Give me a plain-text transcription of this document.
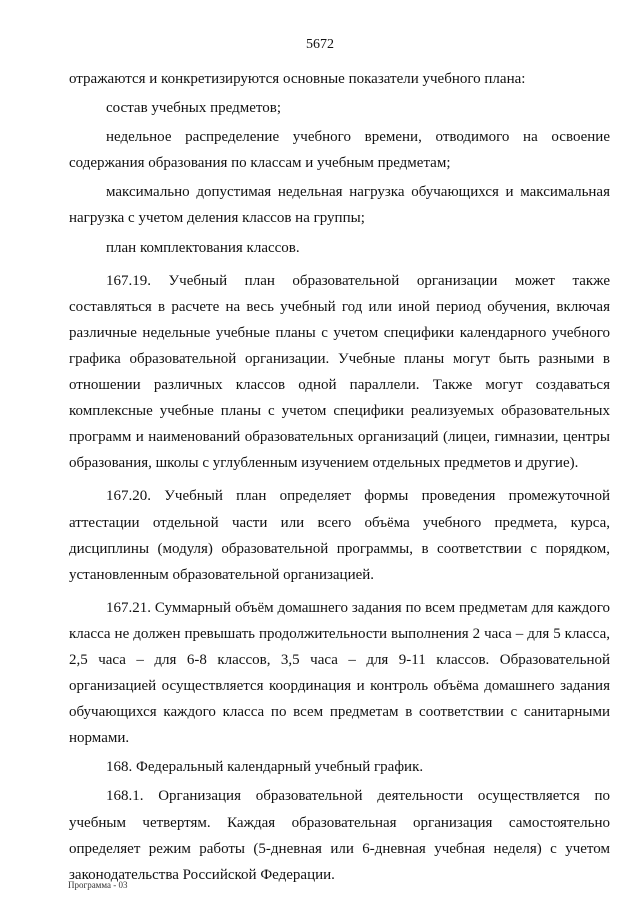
5672

отражаются и конкретизируются основные показатели учебного плана:

состав учебных предметов;

недельное распределение учебного времени, отводимого на освоение содержания образования по классам и учебным предметам;

максимально допустимая недельная нагрузка обучающихся и максимальная нагрузка с учетом деления классов на группы;

план комплектования классов.

167.19. Учебный план образовательной организации может также составляться в расчете на весь учебный год или иной период обучения, включая различные недельные учебные планы с учетом специфики календарного учебного графика образовательной организации. Учебные планы могут быть разными в отношении различных классов одной параллели. Также могут создаваться комплексные учебные планы с учетом специфики реализуемых образовательных программ и наименований образовательных организаций (лицеи, гимназии, центры образования, школы с углубленным изучением отдельных предметов и другие).

167.20. Учебный план определяет формы проведения промежуточной аттестации отдельной части или всего объёма учебного предмета, курса, дисциплины (модуля) образовательной программы, в соответствии с порядком, установленным образовательной организацией.

167.21. Суммарный объём домашнего задания по всем предметам для каждого класса не должен превышать продолжительности выполнения 2 часа – для 5 класса, 2,5 часа – для 6-8 классов, 3,5 часа – для 9-11 классов. Образовательной организацией осуществляется координация и контроль объёма домашнего задания обучающихся каждого класса по всем предметам в соответствии с санитарными нормами.

168. Федеральный календарный учебный график.

168.1. Организация образовательной деятельности осуществляется по учебным четвертям. Каждая образовательная организация самостоятельно определяет режим работы (5-дневная или 6-дневная учебная неделя) с учетом законодательства Российской Федерации.

Программа - 03
